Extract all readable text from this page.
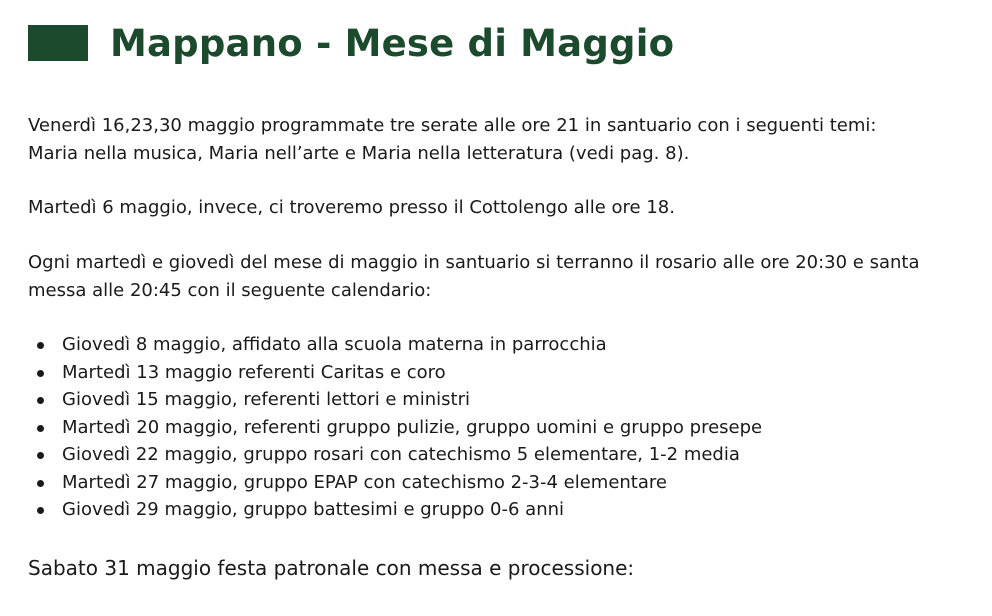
Mappano - Mese di Maggio

Venerdì 16,23,30 maggio programmate tre serate alle ore 21 in santuario con i seguenti temi:
Maria nella musica, Maria nell’arte e Maria nella letteratura (vedi pag. 8).

Martedì 6 maggio, invece, ci troveremo presso il Cottolengo alle ore 18.

Ogni martedì e giovedì del mese di maggio in santuario si terranno il rosario alle ore 20:30 e santa
messa alle 20:45 con il seguente calendario:

Giovedì 8 maggio, affidato alla scuola materna in parrocchia
Martedì 13 maggio referenti Caritas e coro
Giovedì 15 maggio, referenti lettori e ministri
Martedì 20 maggio, referenti gruppo pulizie, gruppo uomini e gruppo presepe
Giovedì 22 maggio, gruppo rosari con catechismo 5 elementare, 1-2 media
Martedì 27 maggio, gruppo EPAP con catechismo 2-3-4 elementare
Giovedì 29 maggio, gruppo battesimi e gruppo 0-6 anni

Sabato 31 maggio festa patronale con messa e processione:
